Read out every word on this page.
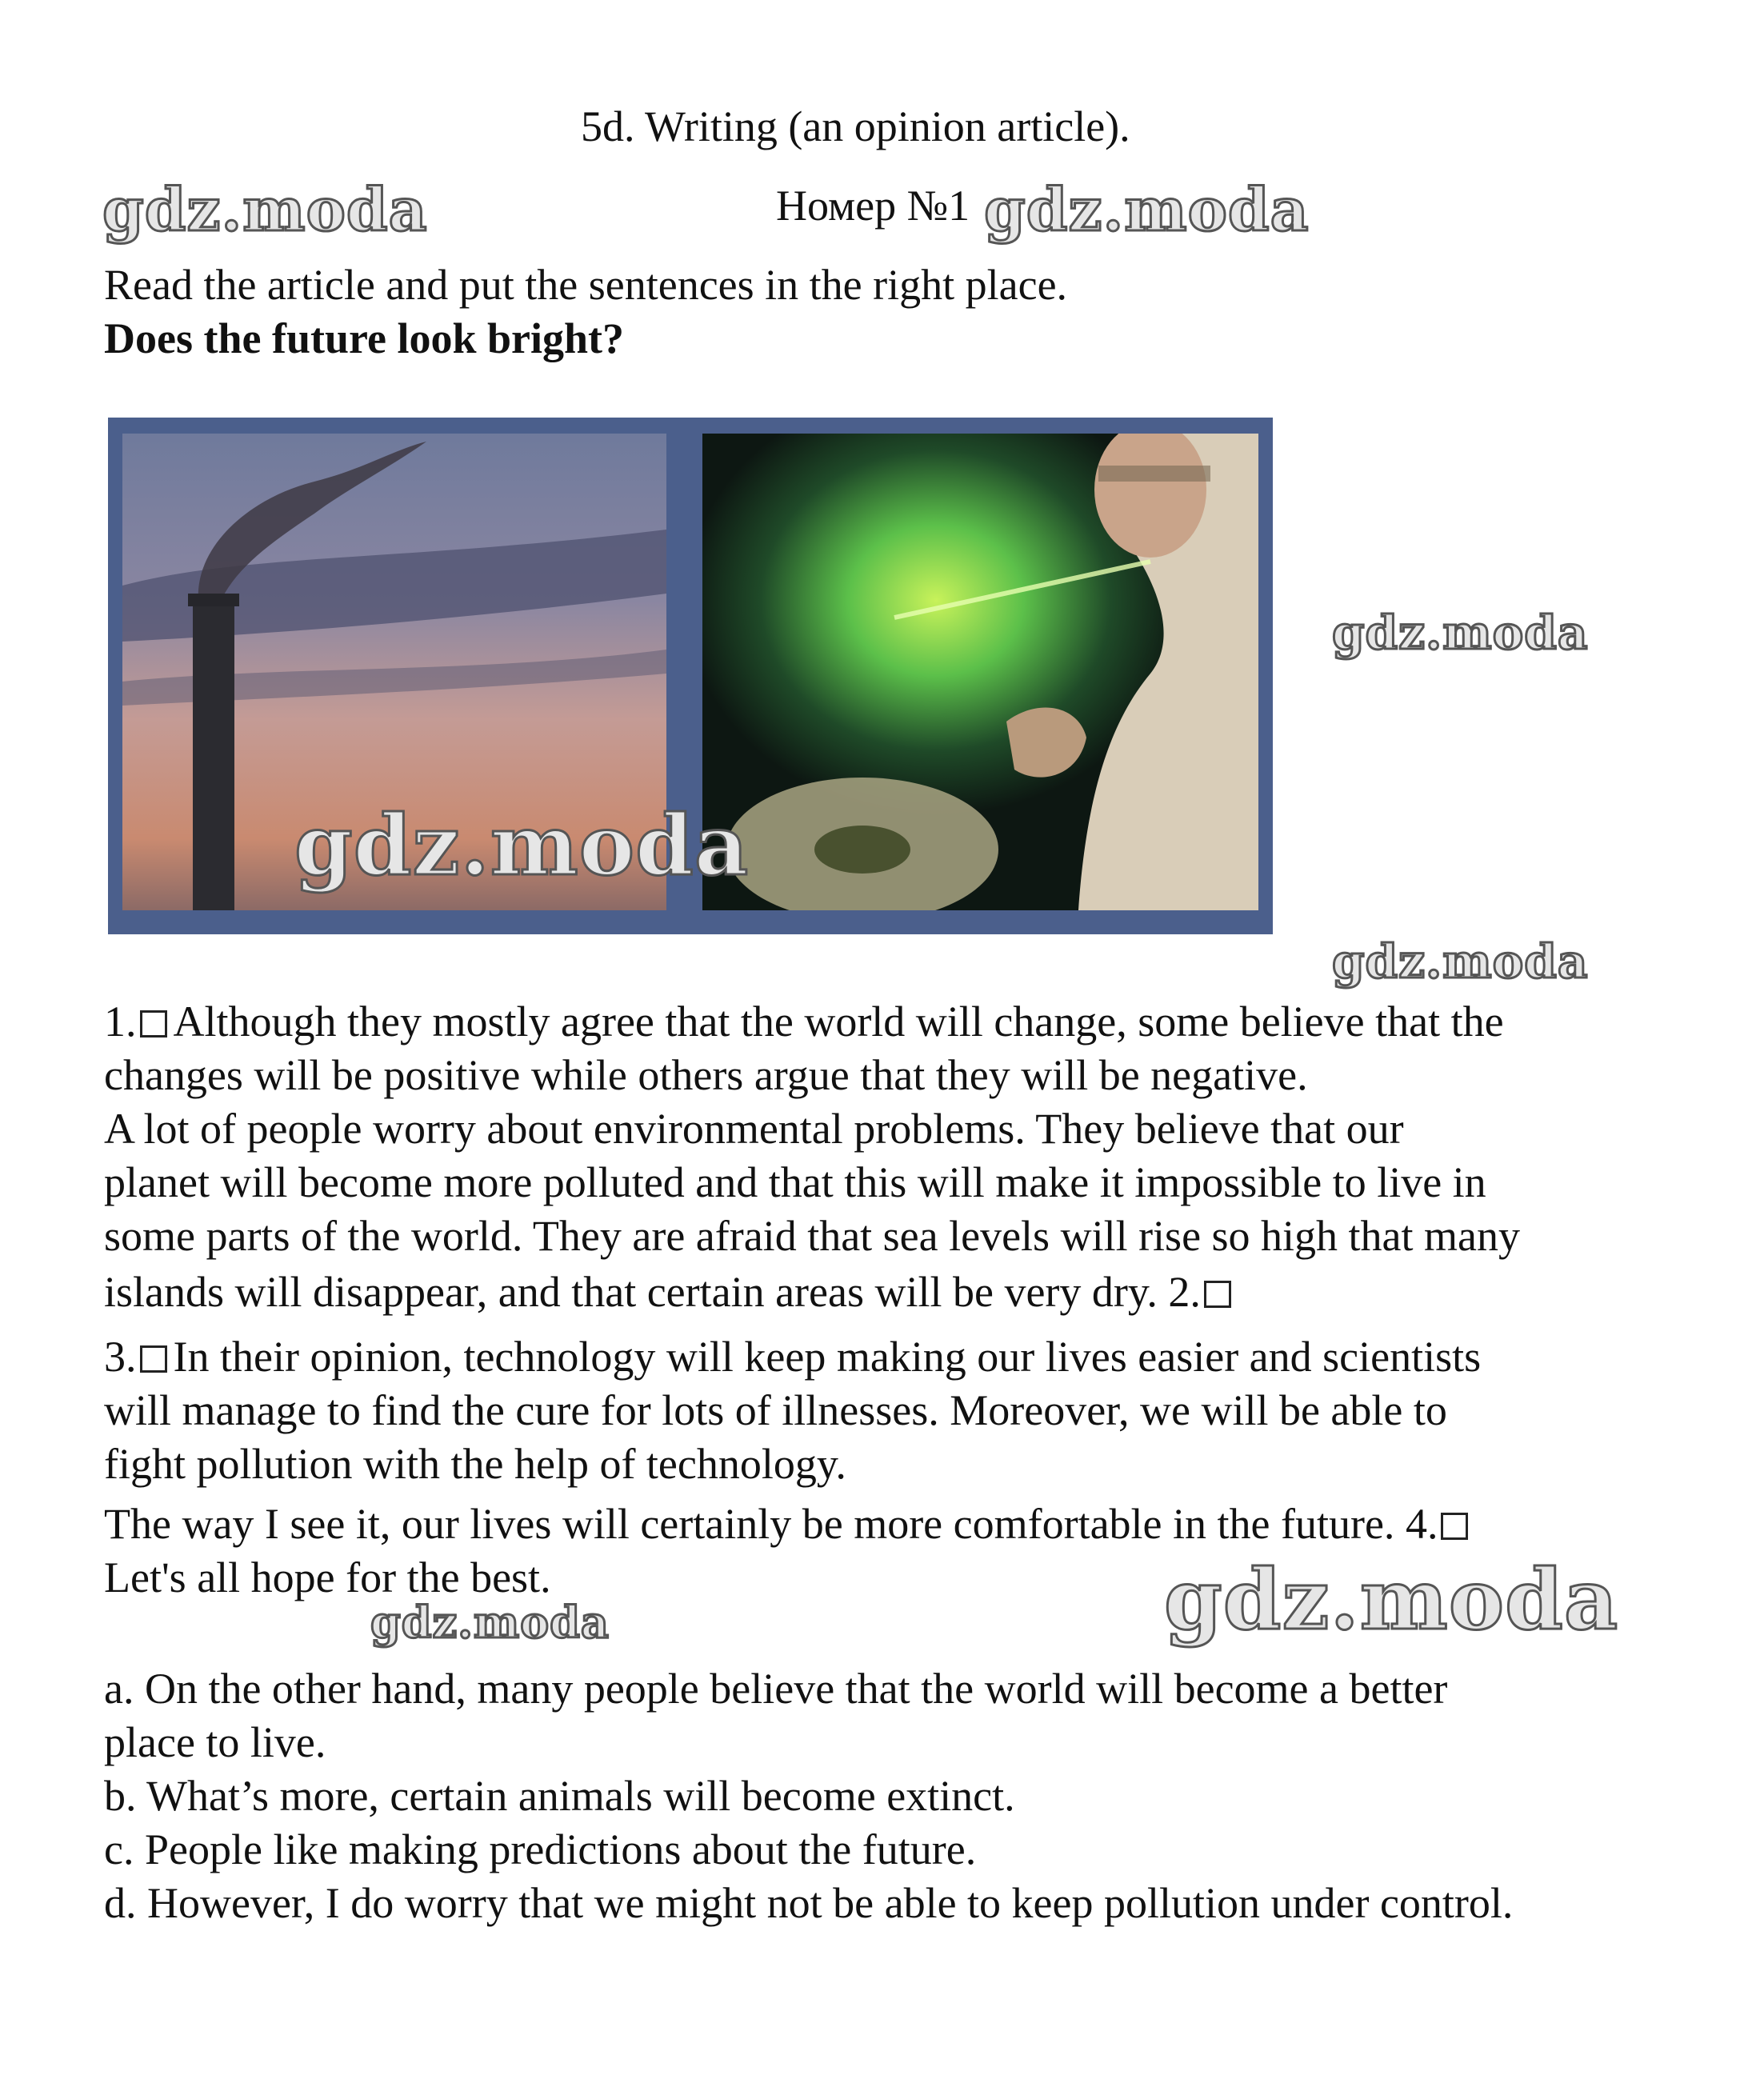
5d. Writing (an opinion article).
Номер №1
Read the article and put the sentences in the right place.
Does the future look bright?
1. Although they mostly agree that the world will change, some believe that the
changes will be positive while others argue that they will be negative.
A lot of people worry about environmental problems. They believe that our
planet will become more polluted and that this will make it impossible to live in
some parts of the world. They are afraid that sea levels will rise so high that many
islands will disappear, and that certain areas will be very dry. 2.
3. In their opinion, technology will keep making our lives easier and scientists
will manage to find the cure for lots of illnesses. Moreover, we will be able to
fight pollution with the help of technology.
The way I see it, our lives will certainly be more comfortable in the future. 4.
Let's all hope for the best.
a. On the other hand, many people believe that the world will become a better
place to live.
b. What’s more, certain animals will become extinct.
c. People like making predictions about the future.
d. However, I do worry that we might not be able to keep pollution under control.
gdz.moda	gdz.moda
gdz.moda
gdz.moda
gdz.moda
gdz.moda
gdz.moda
